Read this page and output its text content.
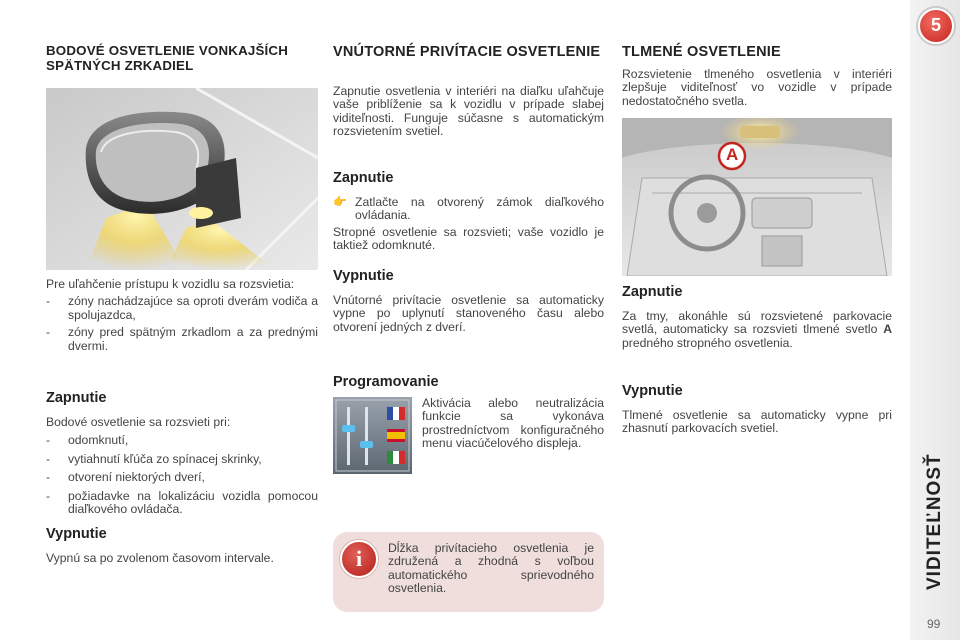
BODOVÉ OSVETLENIE VONKAJŠÍCH SPÄTNÝCH ZRKADIEL

Pre uľahčenie prístupu k vozidlu sa rozsvietia:

- zóny nachádzajúce sa oproti dverám vodiča a spolujazdca,
- zóny pred spätným zrkadlom a za prednými dvermi.
Zapnutie

Bodové osvetlenie sa rozsvieti pri:

- odomknutí,
- vytiahnutí kľúča zo spínacej skrinky,
- otvorení niektorých dverí,
- požiadavke na lokalizáciu vozidla pomocou diaľkového ovládača.
Vypnutie

Vypnú sa po zvolenom časovom intervale.

VNÚTORNÉ PRIVÍTACIE OSVETLENIE

Zapnutie osvetlenia v interiéri na diaľku uľahčuje vaše priblíženie sa k vozidlu v prípade slabej viditeľnosti. Funguje súčasne s automatickým rozsvietením svetiel.

Zapnutie
👉 Zatlačte na otvorený zámok diaľkového ovládania.

Stropné osvetlenie sa rozsvieti; vaše vozidlo je taktiež odomknuté.

Vypnutie

Vnútorné privítacie osvetlenie sa automaticky vypne po uplynutí stanoveného času alebo otvorení jedných z dverí.

Programovanie

Aktivácia alebo neutralizácia funkcie sa vykonáva prostredníctvom konfiguračného menu viacúčelového displeja.

i	Dĺžka privítacieho osvetlenia je združená a zhodná s voľbou automatického sprievodného osvetlenia.

TLMENÉ OSVETLENIE

Rozsvietenie tlmeného osvetlenia v interiéri zlepšuje viditeľnosť vo vozidle v prípade nedostatočného svetla.

A
Zapnutie

Za tmy, akonáhle sú rozsvietené parkovacie svetlá, automaticky sa rozsvieti tlmené svetlo A predného stropného osvetlenia.

Vypnutie

Tlmené osvetlenie sa automaticky vypne pri zhasnutí parkovacích svetiel.

5
VIDITEĽNOSŤ
99
